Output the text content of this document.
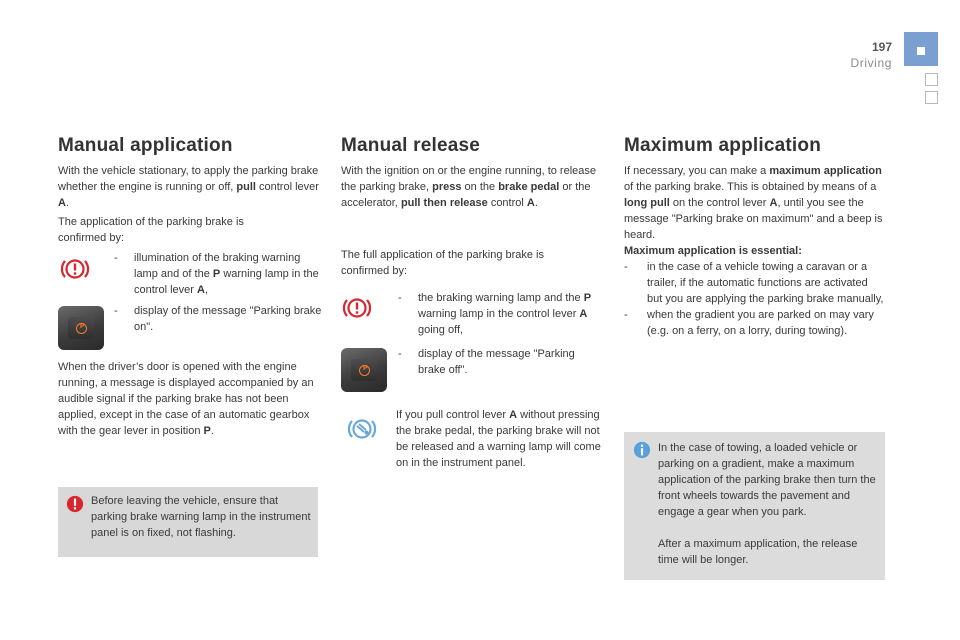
197
Driving
Manual application

With the vehicle stationary, to apply the parking brake whether the engine is running or off, pull control lever A.

The application of the parking brake is confirmed by:

-	illumination of the braking warning lamp and of the P warning lamp in the control lever A,
P
-	display of the message "Parking brake on".

When the driver’s door is opened with the engine running, a message is displayed accompanied by an audible signal if the parking brake has not been applied, except in the case of an automatic gearbox with the gear lever in position P.

Before leaving the vehicle, ensure that parking brake warning lamp in the instrument panel is on fixed, not flashing.

Manual release

With the ignition on or the engine running, to release the parking brake, press on the brake pedal or the accelerator, pull then release control A.

The full application of the parking brake is confirmed by:

-	the braking warning lamp and the P warning lamp in the control lever A going off,
P
-	display of the message "Parking brake off".

If you pull control lever A without pressing the brake pedal, the parking brake will not be released and a warning lamp will come on in the instrument panel.

Maximum application

If necessary, you can make a maximum application of the parking brake. This is obtained by means of a long pull on the control lever A, until you see the message "Parking brake on maximum" and a beep is heard.

Maximum application is essential:

-	in the case of a vehicle towing a caravan or a trailer, if the automatic functions are activated but you are applying the parking brake manually,
-	when the gradient you are parked on may vary (e.g. on a ferry, on a lorry, during towing).

In the case of towing, a loaded vehicle or parking on a gradient, make a maximum application of the parking brake then turn the front wheels towards the pavement and engage a gear when you park.

After a maximum application, the release time will be longer.
